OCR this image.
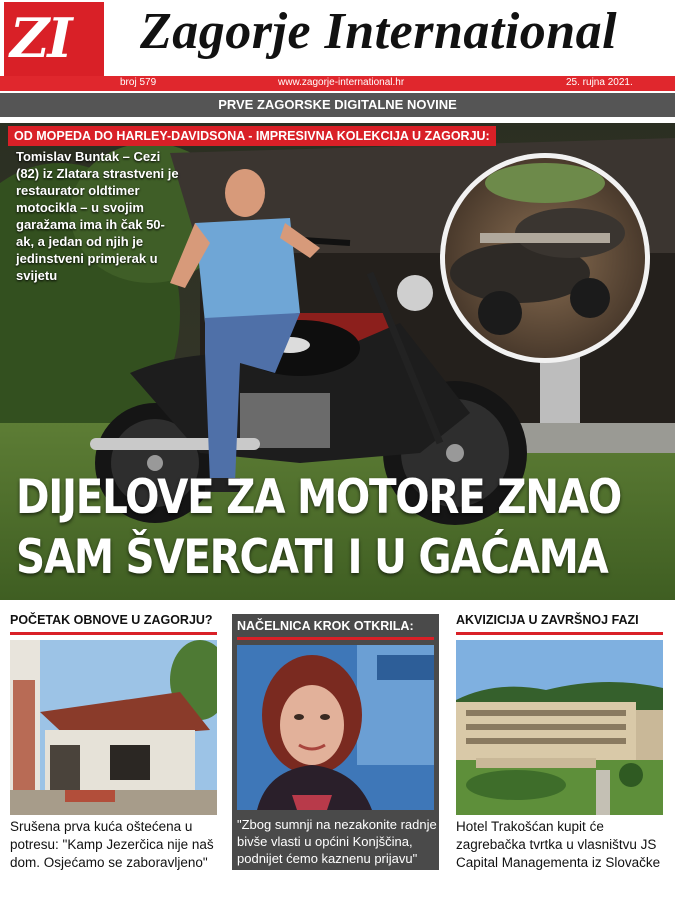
ZI Zagorje International
broj 579	www.zagorje-international.hr	25. rujna 2021.
PRVE ZAGORSKE DIGITALNE NOVINE
OD MOPEDA DO HARLEY-DAVIDSONA - IMPRESIVNA KOLEKCIJA U ZAGORJU:
Tomislav Buntak – Cezi (82) iz Zlatara strastveni je restaurator oldtimer motocikla – u svojim garažama ima ih čak 50-ak, a jedan od njih je jedinstveni primjerak u svijetu
DIJELOVE ZA MOTORE ZNAO
SAM ŠVERCATI I U GAĆAMA
POČETAK OBNOVE U ZAGORJU?
Srušena prva kuća oštećena u potresu: "Kamp Jezerčica nije naš dom. Osjećamo se zaboravljeno"
NAČELNICA KROK OTKRILA:
"Zbog sumnji na nezakonite radnje bivše vlasti u općini Konjščina, podnijet ćemo kaznenu prijavu"
AKVIZICIJA U ZAVRŠNOJ FAZI
Hotel Trakošćan kupit će zagrebačka tvrtka u vlasništvu JS Capital Managementa iz Slovačke
